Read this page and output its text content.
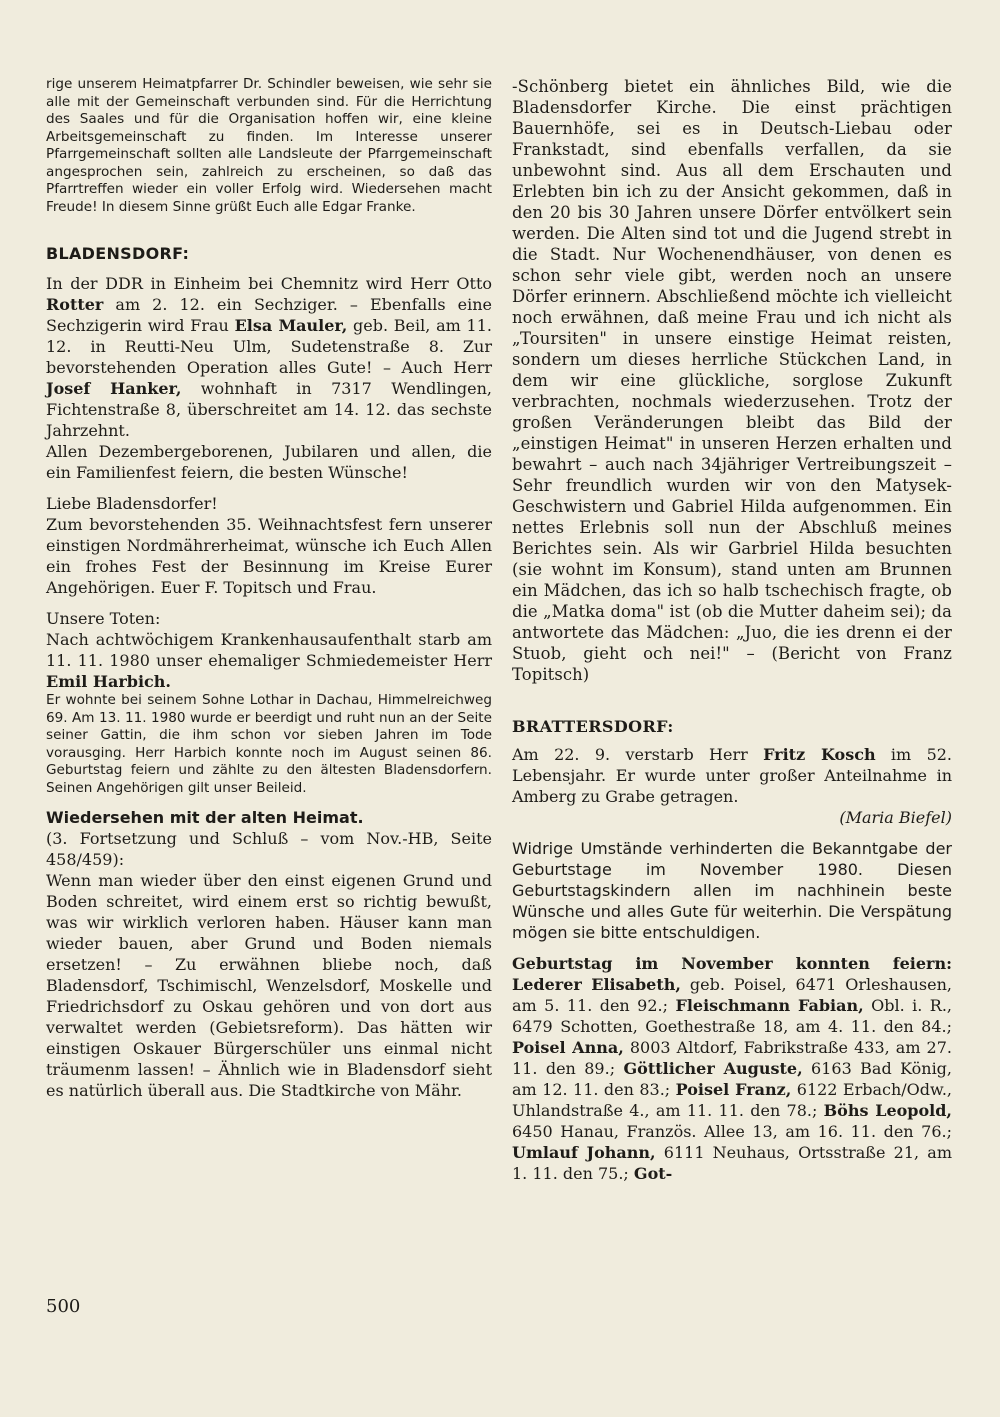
rige unserem Heimatpfarrer Dr. Schindler beweisen, wie sehr sie alle mit der Gemeinschaft verbunden sind. Für die Herrichtung des Saales und für die Organisation hoffen wir, eine kleine Arbeitsgemeinschaft zu finden. Im Interesse unserer Pfarrgemeinschaft sollten alle Landsleute der Pfarrgemeinschaft angesprochen sein, zahlreich zu erscheinen, so daß das Pfarrtreffen wieder ein voller Erfolg wird. Wiedersehen macht Freude! In diesem Sinne grüßt Euch alle Edgar Franke.

BLADENSDORF:

In der DDR in Einheim bei Chemnitz wird Herr Otto Rotter am 2. 12. ein Sechziger. – Ebenfalls eine Sechzigerin wird Frau Elsa Mauler, geb. Beil, am 11. 12. in Reutti-Neu Ulm, Sudetenstraße 8. Zur bevorstehenden Operation alles Gute! – Auch Herr Josef Hanker, wohnhaft in 7317 Wendlingen, Fichtenstraße 8, überschreitet am 14. 12. das sechste Jahrzehnt.

Allen Dezembergeborenen, Jubilaren und allen, die ein Familienfest feiern, die besten Wünsche!

Liebe Bladensdorfer!

Zum bevorstehenden 35. Weihnachtsfest fern unserer einstigen Nordmährerheimat, wünsche ich Euch Allen ein frohes Fest der Besinnung im Kreise Eurer Angehörigen. Euer F. Topitsch und Frau.

Unsere Toten:

Nach achtwöchigem Krankenhausaufenthalt starb am 11. 11. 1980 unser ehemaliger Schmiedemeister Herr Emil Harbich.

Er wohnte bei seinem Sohne Lothar in Dachau, Himmelreichweg 69. Am 13. 11. 1980 wurde er beerdigt und ruht nun an der Seite seiner Gattin, die ihm schon vor sieben Jahren im Tode vorausging. Herr Harbich konnte noch im August seinen 86. Geburtstag feiern und zählte zu den ältesten Bladensdorfern. Seinen Angehörigen gilt unser Beileid.

Wiedersehen mit der alten Heimat.

(3. Fortsetzung und Schluß – vom Nov.-HB, Seite 458/459):

Wenn man wieder über den einst eigenen Grund und Boden schreitet, wird einem erst so richtig bewußt, was wir wirklich verloren haben. Häuser kann man wieder bauen, aber Grund und Boden niemals ersetzen! – Zu erwähnen bliebe noch, daß Bladensdorf, Tschimischl, Wenzelsdorf, Moskelle und Friedrichsdorf zu Oskau gehören und von dort aus verwaltet werden (Gebietsreform). Das hätten wir einstigen Oskauer Bürgerschüler uns einmal nicht träumenm lassen! – Ähnlich wie in Bladensdorf sieht es natürlich überall aus. Die Stadtkirche von Mähr.

-Schönberg bietet ein ähnliches Bild, wie die Bladensdorfer Kirche. Die einst prächtigen Bauernhöfe, sei es in Deutsch-Liebau oder Frankstadt, sind ebenfalls verfallen, da sie unbewohnt sind. Aus all dem Erschauten und Erlebten bin ich zu der Ansicht gekommen, daß in den 20 bis 30 Jahren unsere Dörfer entvölkert sein werden. Die Alten sind tot und die Jugend strebt in die Stadt. Nur Wochenendhäuser, von denen es schon sehr viele gibt, werden noch an unsere Dörfer erinnern. Abschließend möchte ich vielleicht noch erwähnen, daß meine Frau und ich nicht als „Toursiten" in unsere einstige Heimat reisten, sondern um dieses herrliche Stückchen Land, in dem wir eine glückliche, sorglose Zukunft verbrachten, nochmals wiederzusehen. Trotz der großen Veränderungen bleibt das Bild der „einstigen Heimat" in unseren Herzen erhalten und bewahrt – auch nach 34jähriger Vertreibungszeit – Sehr freundlich wurden wir von den Matysek-Geschwistern und Gabriel Hilda aufgenommen. Ein nettes Erlebnis soll nun der Abschluß meines Berichtes sein. Als wir Garbriel Hilda besuchten (sie wohnt im Konsum), stand unten am Brunnen ein Mädchen, das ich so halb tschechisch fragte, ob die „Matka doma" ist (ob die Mutter daheim sei); da antwortete das Mädchen: „Juo, die ies drenn ei der Stuob, gieht och nei!" – (Bericht von Franz Topitsch)

BRATTERSDORF:

Am 22. 9. verstarb Herr Fritz Kosch im 52. Lebensjahr. Er wurde unter großer Anteilnahme in Amberg zu Grabe getragen.

(Maria Biefel)

Widrige Umstände verhinderten die Bekanntgabe der Geburtstage im November 1980. Diesen Geburtstagskindern allen im nachhinein beste Wünsche und alles Gute für weiterhin. Die Verspätung mögen sie bitte entschuldigen.

Geburtstag im November konnten feiern: Lederer Elisabeth, geb. Poisel, 6471 Orleshausen, am 5. 11. den 92.; Fleischmann Fabian, Obl. i. R., 6479 Schotten, Goethestraße 18, am 4. 11. den 84.; Poisel Anna, 8003 Altdorf, Fabrikstraße 433, am 27. 11. den 89.; Göttlicher Auguste, 6163 Bad König, am 12. 11. den 83.; Poisel Franz, 6122 Erbach/Odw., Uhlandstraße 4., am 11. 11. den 78.; Böhs Leopold, 6450 Hanau, Französ. Allee 13, am 16. 11. den 76.; Umlauf Johann, 6111 Neuhaus, Ortsstraße 21, am 1. 11. den 75.; Got-

500
